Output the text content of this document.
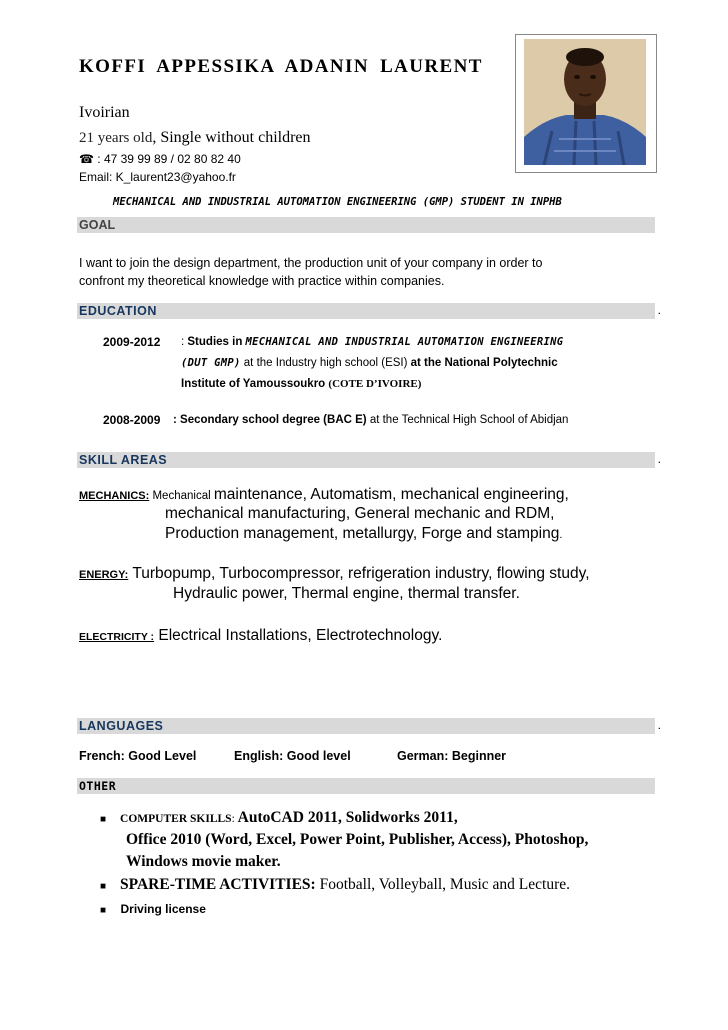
KOFFI APPESSIKA ADANIN LAURENT
Ivoirian
21 years old, Single without children
☎ : 47 39 99 89 / 02 80 82 40
Email: K_laurent23@yahoo.fr
MECHANICAL AND INDUSTRIAL AUTOMATION ENGINEERING (GMP) STUDENT IN INPHB
GOAL
I want to join the design department, the production unit of your company in order to
confront my theoretical knowledge with practice within companies.
EDUCATION	.
2009-2012 : Studies in MECHANICAL AND INDUSTRIAL AUTOMATION ENGINEERING
(DUT GMP) at the Industry high school (ESI) at the National Polytechnic
Institute of Yamoussoukro (COTE D’IVOIRE)
2008-2009 : Secondary school degree (BAC E) at the Technical High School of Abidjan
SKILL AREAS	.
MECHANICS: Mechanical maintenance, Automatism, mechanical engineering,
mechanical manufacturing, General mechanic and RDM,
Production management, metallurgy, Forge and stamping.
ENERGY: Turbopump, Turbocompressor, refrigeration industry, flowing study,
Hydraulic power, Thermal engine, thermal transfer.
ELECTRICITY : Electrical Installations, Electrotechnology.
LANGUAGES	.
French: Good Level	English: Good level	German: Beginner
OTHER
■ COMPUTER SKILLS: AutoCAD 2011, Solidworks 2011,
Office 2010 (Word, Excel, Power Point, Publisher, Access), Photoshop,
Windows movie maker.
■ SPARE-TIME ACTIVITIES: Football, Volleyball, Music and Lecture.
■ Driving license
